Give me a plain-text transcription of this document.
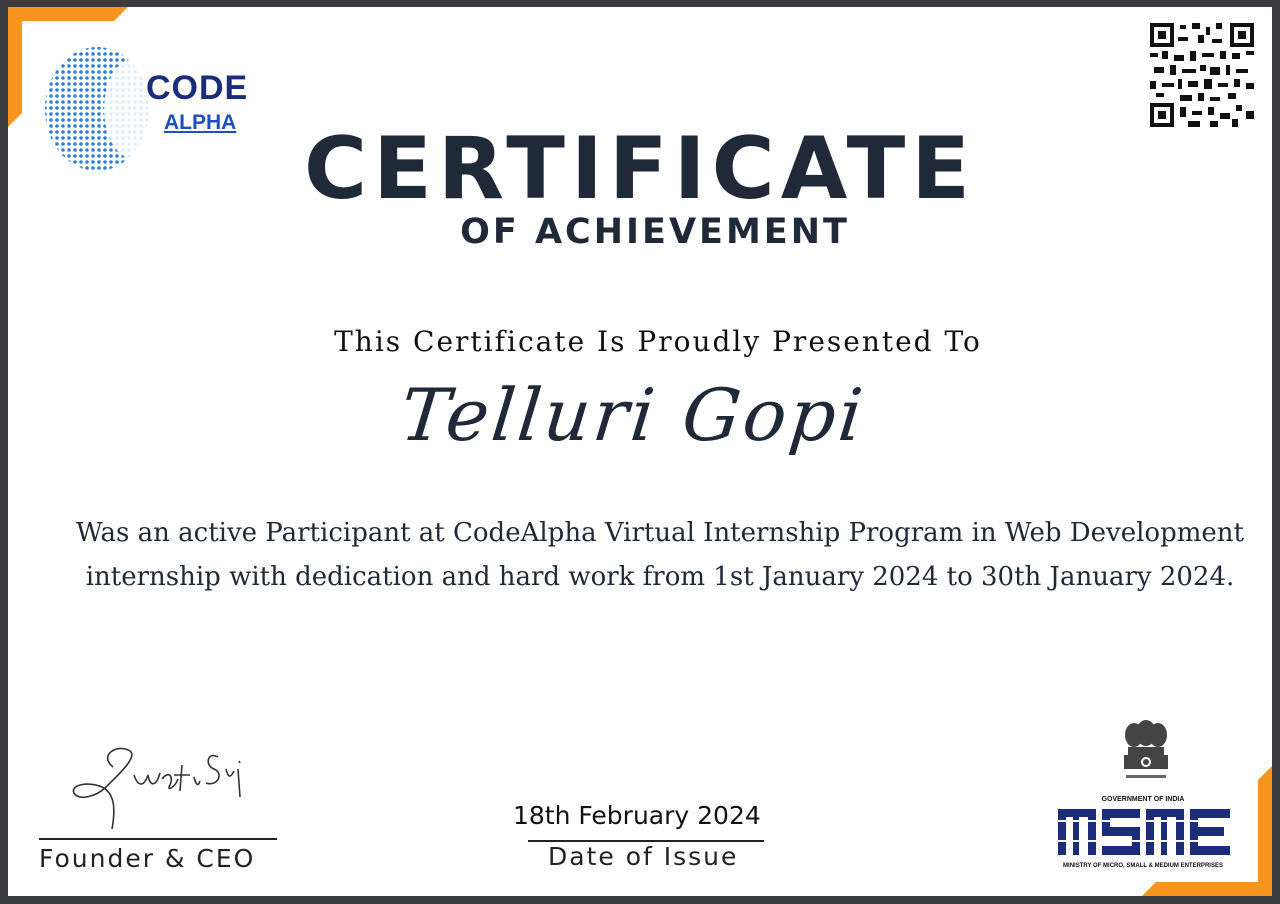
CODE
ALPHA CERTIFICATE
OF ACHIEVEMENT
This Certificate Is Proudly Presented To
Telluri Gopi
Was an active Participant at CodeAlpha Virtual Internship Program in Web Development
internship with dedication and hard work from 1st January 2024 to 30th January 2024.
Founder & CEO
18th February 2024
Date of Issue
GOVERNMENT OF INDIA
MINISTRY OF MICRO, SMALL & MEDIUM ENTERPRISES
